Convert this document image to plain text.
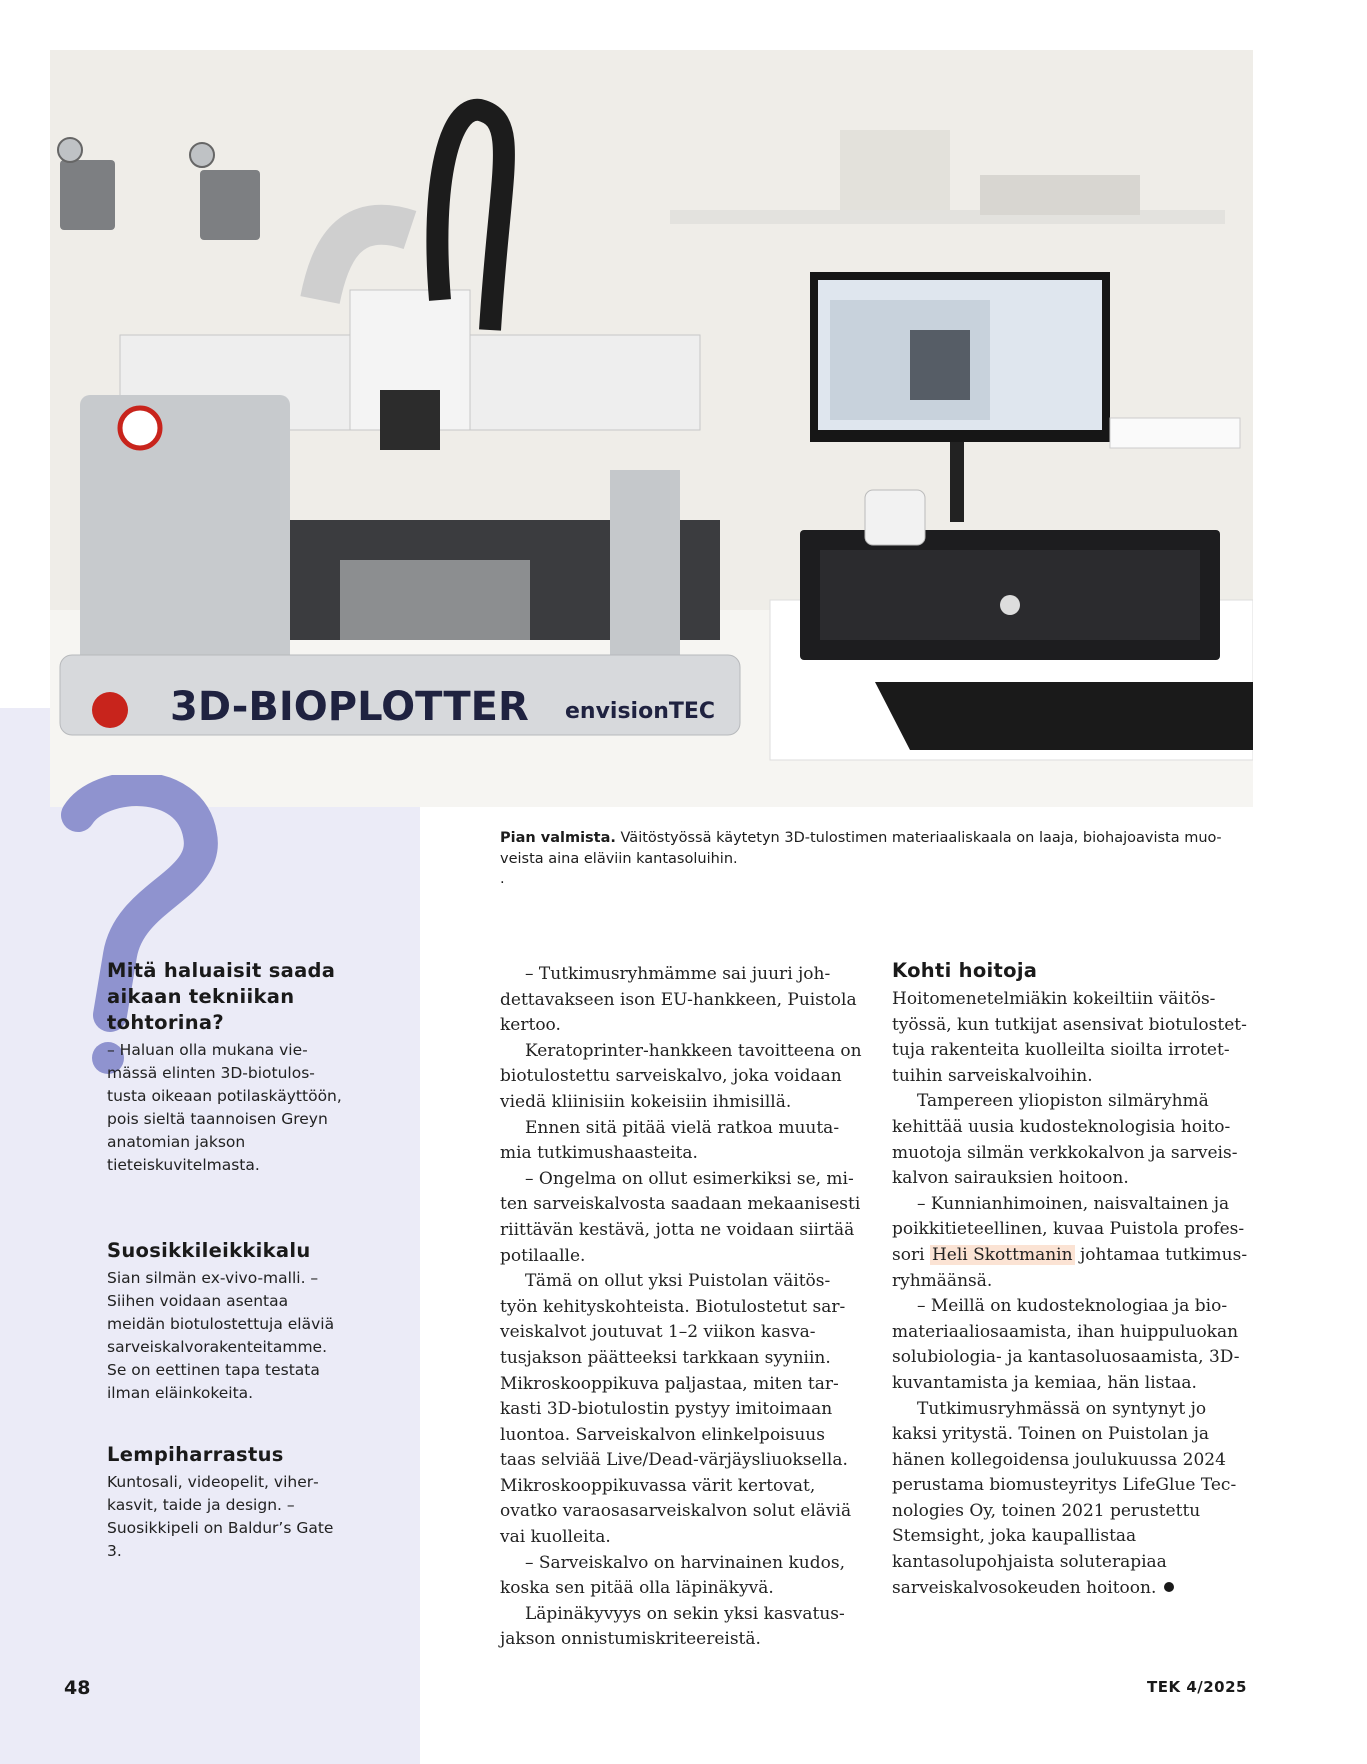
3D-BIOPLOTTER envisionTEC
Pian valmista. Väitöstyössä käytetyn 3D-tulostimen materiaaliskaala on laaja, biohajoavista muoveista aina eläviin kantasoluihin.
.
Mitä haluaisit saada aikaan tekniikan tohtorina?

– Haluan olla mukana viemässä elinten 3D-biotulostusta oikeaan potilaskäyttöön, pois sieltä taannoisen Greyn anatomian jakson tieteiskuvitelmasta.

Suosikkileikkikalu

Sian silmän ex-vivo-malli. – Siihen voidaan asentaa meidän biotulostettuja eläviä sarveiskalvorakenteitamme. Se on eettinen tapa testata ilman eläinkokeita.

Lempiharrastus

Kuntosali, videopelit, viherkasvit, taide ja design. – Suosikkipeli on Baldur’s Gate 3.

– Tutkimusryhmämme sai juuri johdettavakseen ison EU-hankkeen, Puistola kertoo.

Keratoprinter-hankkeen tavoitteena on biotulostettu sarveiskalvo, joka voidaan viedä kliinisiin kokeisiin ihmisillä.

Ennen sitä pitää vielä ratkoa muutamia tutkimushaasteita.

– Ongelma on ollut esimerkiksi se, miten sarveiskalvosta saadaan mekaanisesti riittävän kestävä, jotta ne voidaan siirtää potilaalle.

Tämä on ollut yksi Puistolan väitöstyön kehityskohteista. Biotulostetut sarveiskalvot joutuvat 1–2 viikon kasvatusjakson päätteeksi tarkkaan syyniin. Mikroskooppikuva paljastaa, miten tarkasti 3D-biotulostin pystyy imitoimaan luontoa. Sarveiskalvon elinkelpoisuus taas selviää Live/Dead-värjäysliuoksella. Mikroskooppikuvassa värit kertovat, ovatko varaosasarveiskalvon solut eläviä vai kuolleita.

– Sarveiskalvo on harvinainen kudos, koska sen pitää olla läpinäkyvä.

Läpinäkyvyys on sekin yksi kasvatusjakson onnistumiskriteereistä.

Kohti hoitoja

Hoitomenetelmiäkin kokeiltiin väitöstyössä, kun tutkijat asensivat biotulostettuja rakenteita kuolleilta sioilta irrotettuihin sarveiskalvoihin.

Tampereen yliopiston silmäryhmä kehittää uusia kudosteknologisia hoitomuotoja silmän verkkokalvon ja sarveiskalvon sairauksien hoitoon.

– Kunnianhimoinen, naisvaltainen ja poikkitieteellinen, kuvaa Puistola professori Heli Skottmanin johtamaa tutkimusryhmäänsä.

– Meillä on kudosteknologiaa ja biomateriaaliosaamista, ihan huippuluokan solubiologia- ja kantasoluosaamista, 3D-kuvantamista ja kemiaa, hän listaa.

Tutkimusryhmässä on syntynyt jo kaksi yritystä. Toinen on Puistolan ja hänen kollegoidensa joulukuussa 2024 perustama biomusteyritys LifeGlue Tecnologies Oy, toinen 2021 perustettu Stemsight, joka kaupallistaa kantasolupohjaista soluterapiaa sarveiskalvosokeuden hoitoon.

48	TEK 4/2025
